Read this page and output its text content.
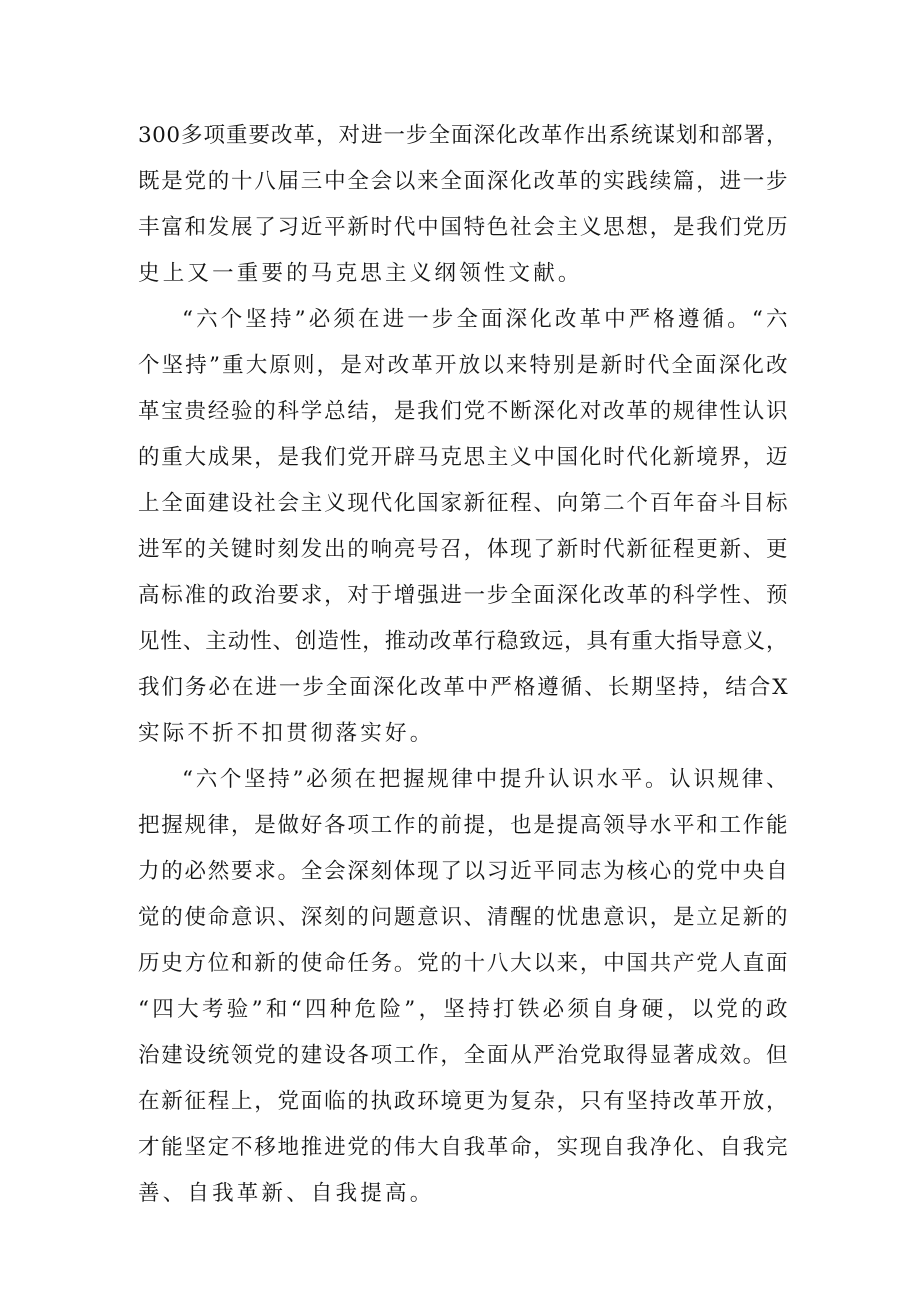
300多项重要改革，对进一步全面深化改革作出系统谋划和部署，
既是党的十八届三中全会以来全面深化改革的实践续篇，进一步
丰富和发展了习近平新时代中国特色社会主义思想，是我们党历
史上又一重要的马克思主义纲领性文献。
“六个坚持”必须在进一步全面深化改革中严格遵循。“六
个坚持”重大原则，是对改革开放以来特别是新时代全面深化改
革宝贵经验的科学总结，是我们党不断深化对改革的规律性认识
的重大成果，是我们党开辟马克思主义中国化时代化新境界，迈
上全面建设社会主义现代化国家新征程、向第二个百年奋斗目标
进军的关键时刻发出的响亮号召，体现了新时代新征程更新、更
高标准的政治要求，对于增强进一步全面深化改革的科学性、预
见性、主动性、创造性，推动改革行稳致远，具有重大指导意义，
我们务必在进一步全面深化改革中严格遵循、长期坚持，结合X
实际不折不扣贯彻落实好。
“六个坚持”必须在把握规律中提升认识水平。认识规律、
把握规律，是做好各项工作的前提，也是提高领导水平和工作能
力的必然要求。全会深刻体现了以习近平同志为核心的党中央自
觉的使命意识、深刻的问题意识、清醒的忧患意识，是立足新的
历史方位和新的使命任务。党的十八大以来，中国共产党人直面
“四大考验”和“四种危险”，坚持打铁必须自身硬，以党的政
治建设统领党的建设各项工作，全面从严治党取得显著成效。但
在新征程上，党面临的执政环境更为复杂，只有坚持改革开放，
才能坚定不移地推进党的伟大自我革命，实现自我净化、自我完
善、自我革新、自我提高。
